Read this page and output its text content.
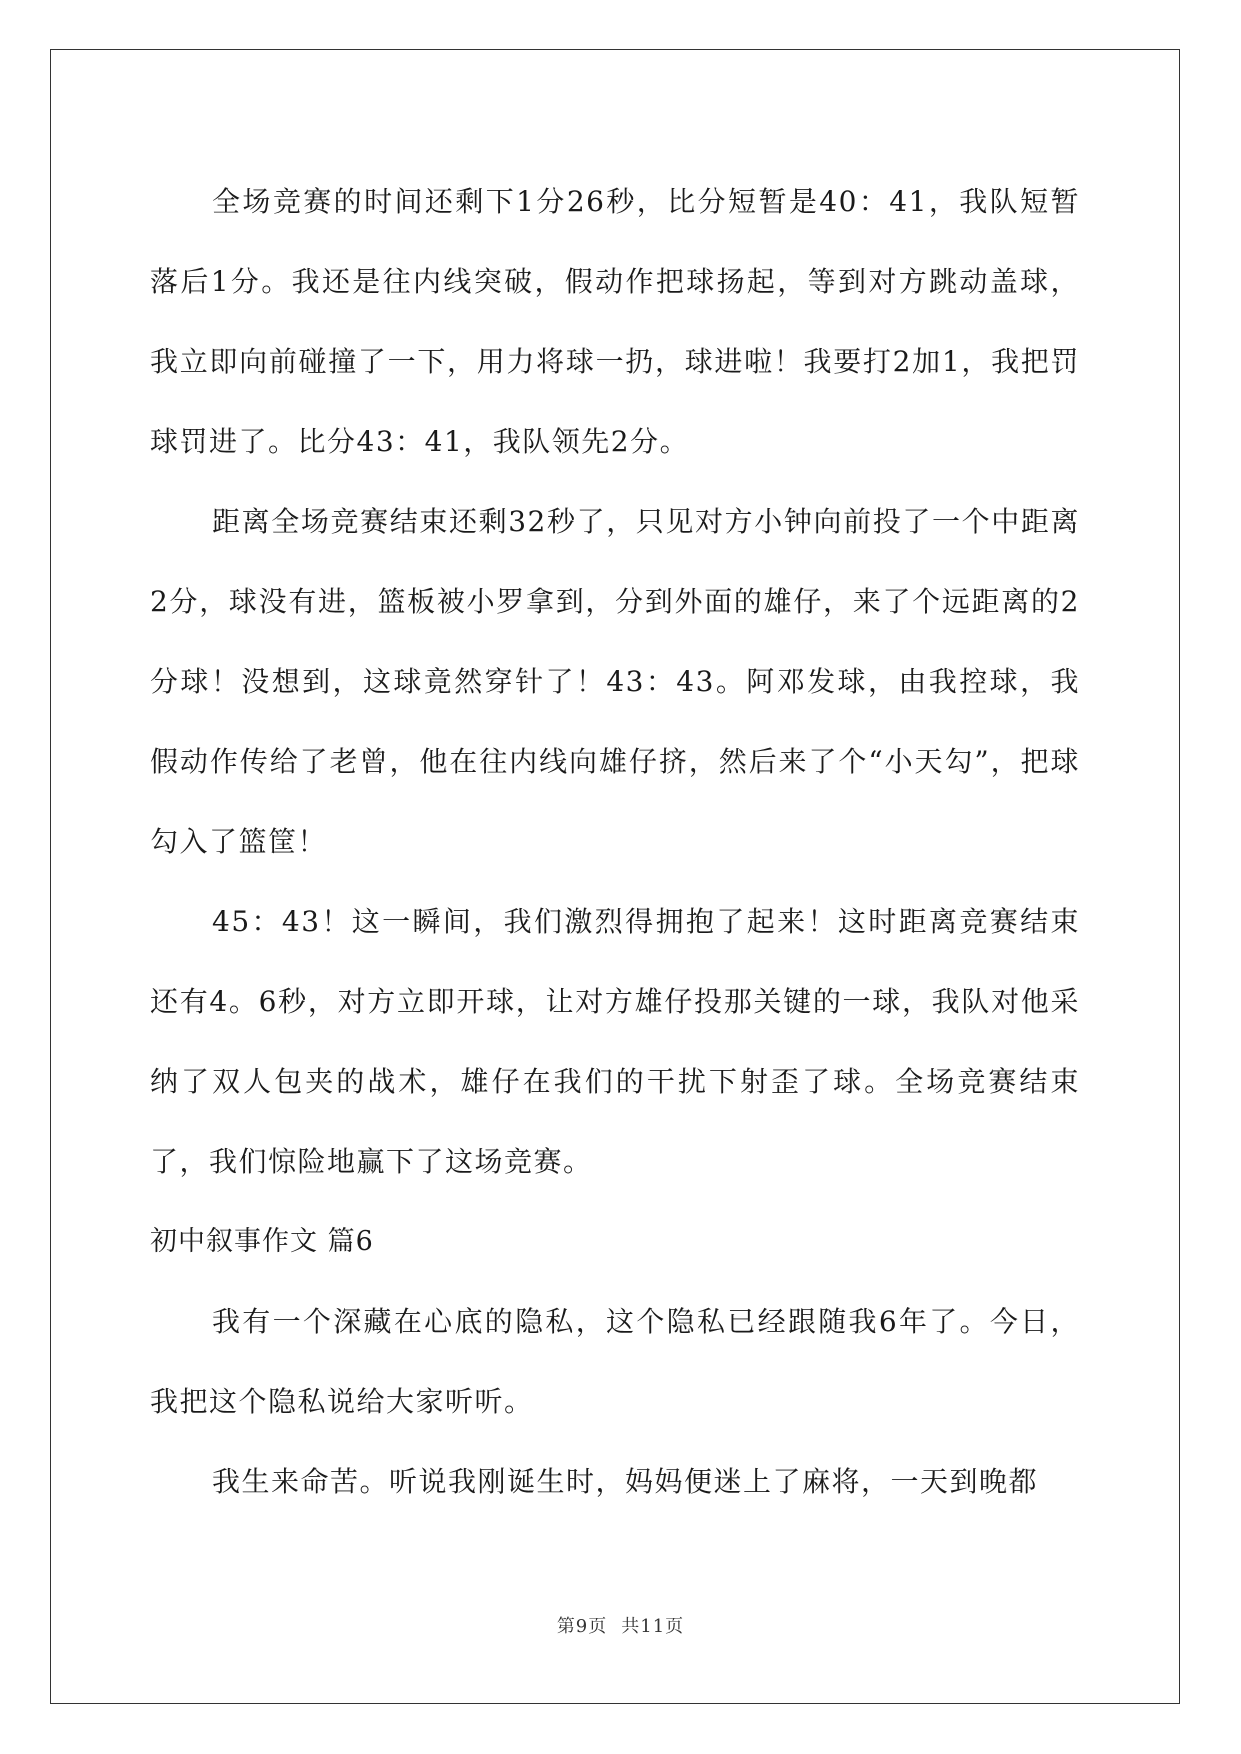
全场竞赛的时间还剩下1分26秒，比分短暂是40：41，我队短暂落后1分。我还是往内线突破，假动作把球扬起，等到对方跳动盖球，我立即向前碰撞了一下，用力将球一扔，球进啦！我要打2加1，我把罚球罚进了。比分43：41，我队领先2分。

距离全场竞赛结束还剩32秒了，只见对方小钟向前投了一个中距离2分，球没有进，篮板被小罗拿到，分到外面的雄仔，来了个远距离的2分球！没想到，这球竟然穿针了！43：43。阿邓发球，由我控球，我假动作传给了老曾，他在往内线向雄仔挤，然后来了个“小天勾”，把球勾入了篮筐！

45：43！这一瞬间，我们激烈得拥抱了起来！这时距离竞赛结束还有4。6秒，对方立即开球，让对方雄仔投那关键的一球，我队对他采纳了双人包夹的战术，雄仔在我们的干扰下射歪了球。全场竞赛结束了，我们惊险地赢下了这场竞赛。

初中叙事作文 篇6

我有一个深藏在心底的隐私，这个隐私已经跟随我6年了。今日，我把这个隐私说给大家听听。

我生来命苦。听说我刚诞生时，妈妈便迷上了麻将，一天到晚都

第9页 共11页
